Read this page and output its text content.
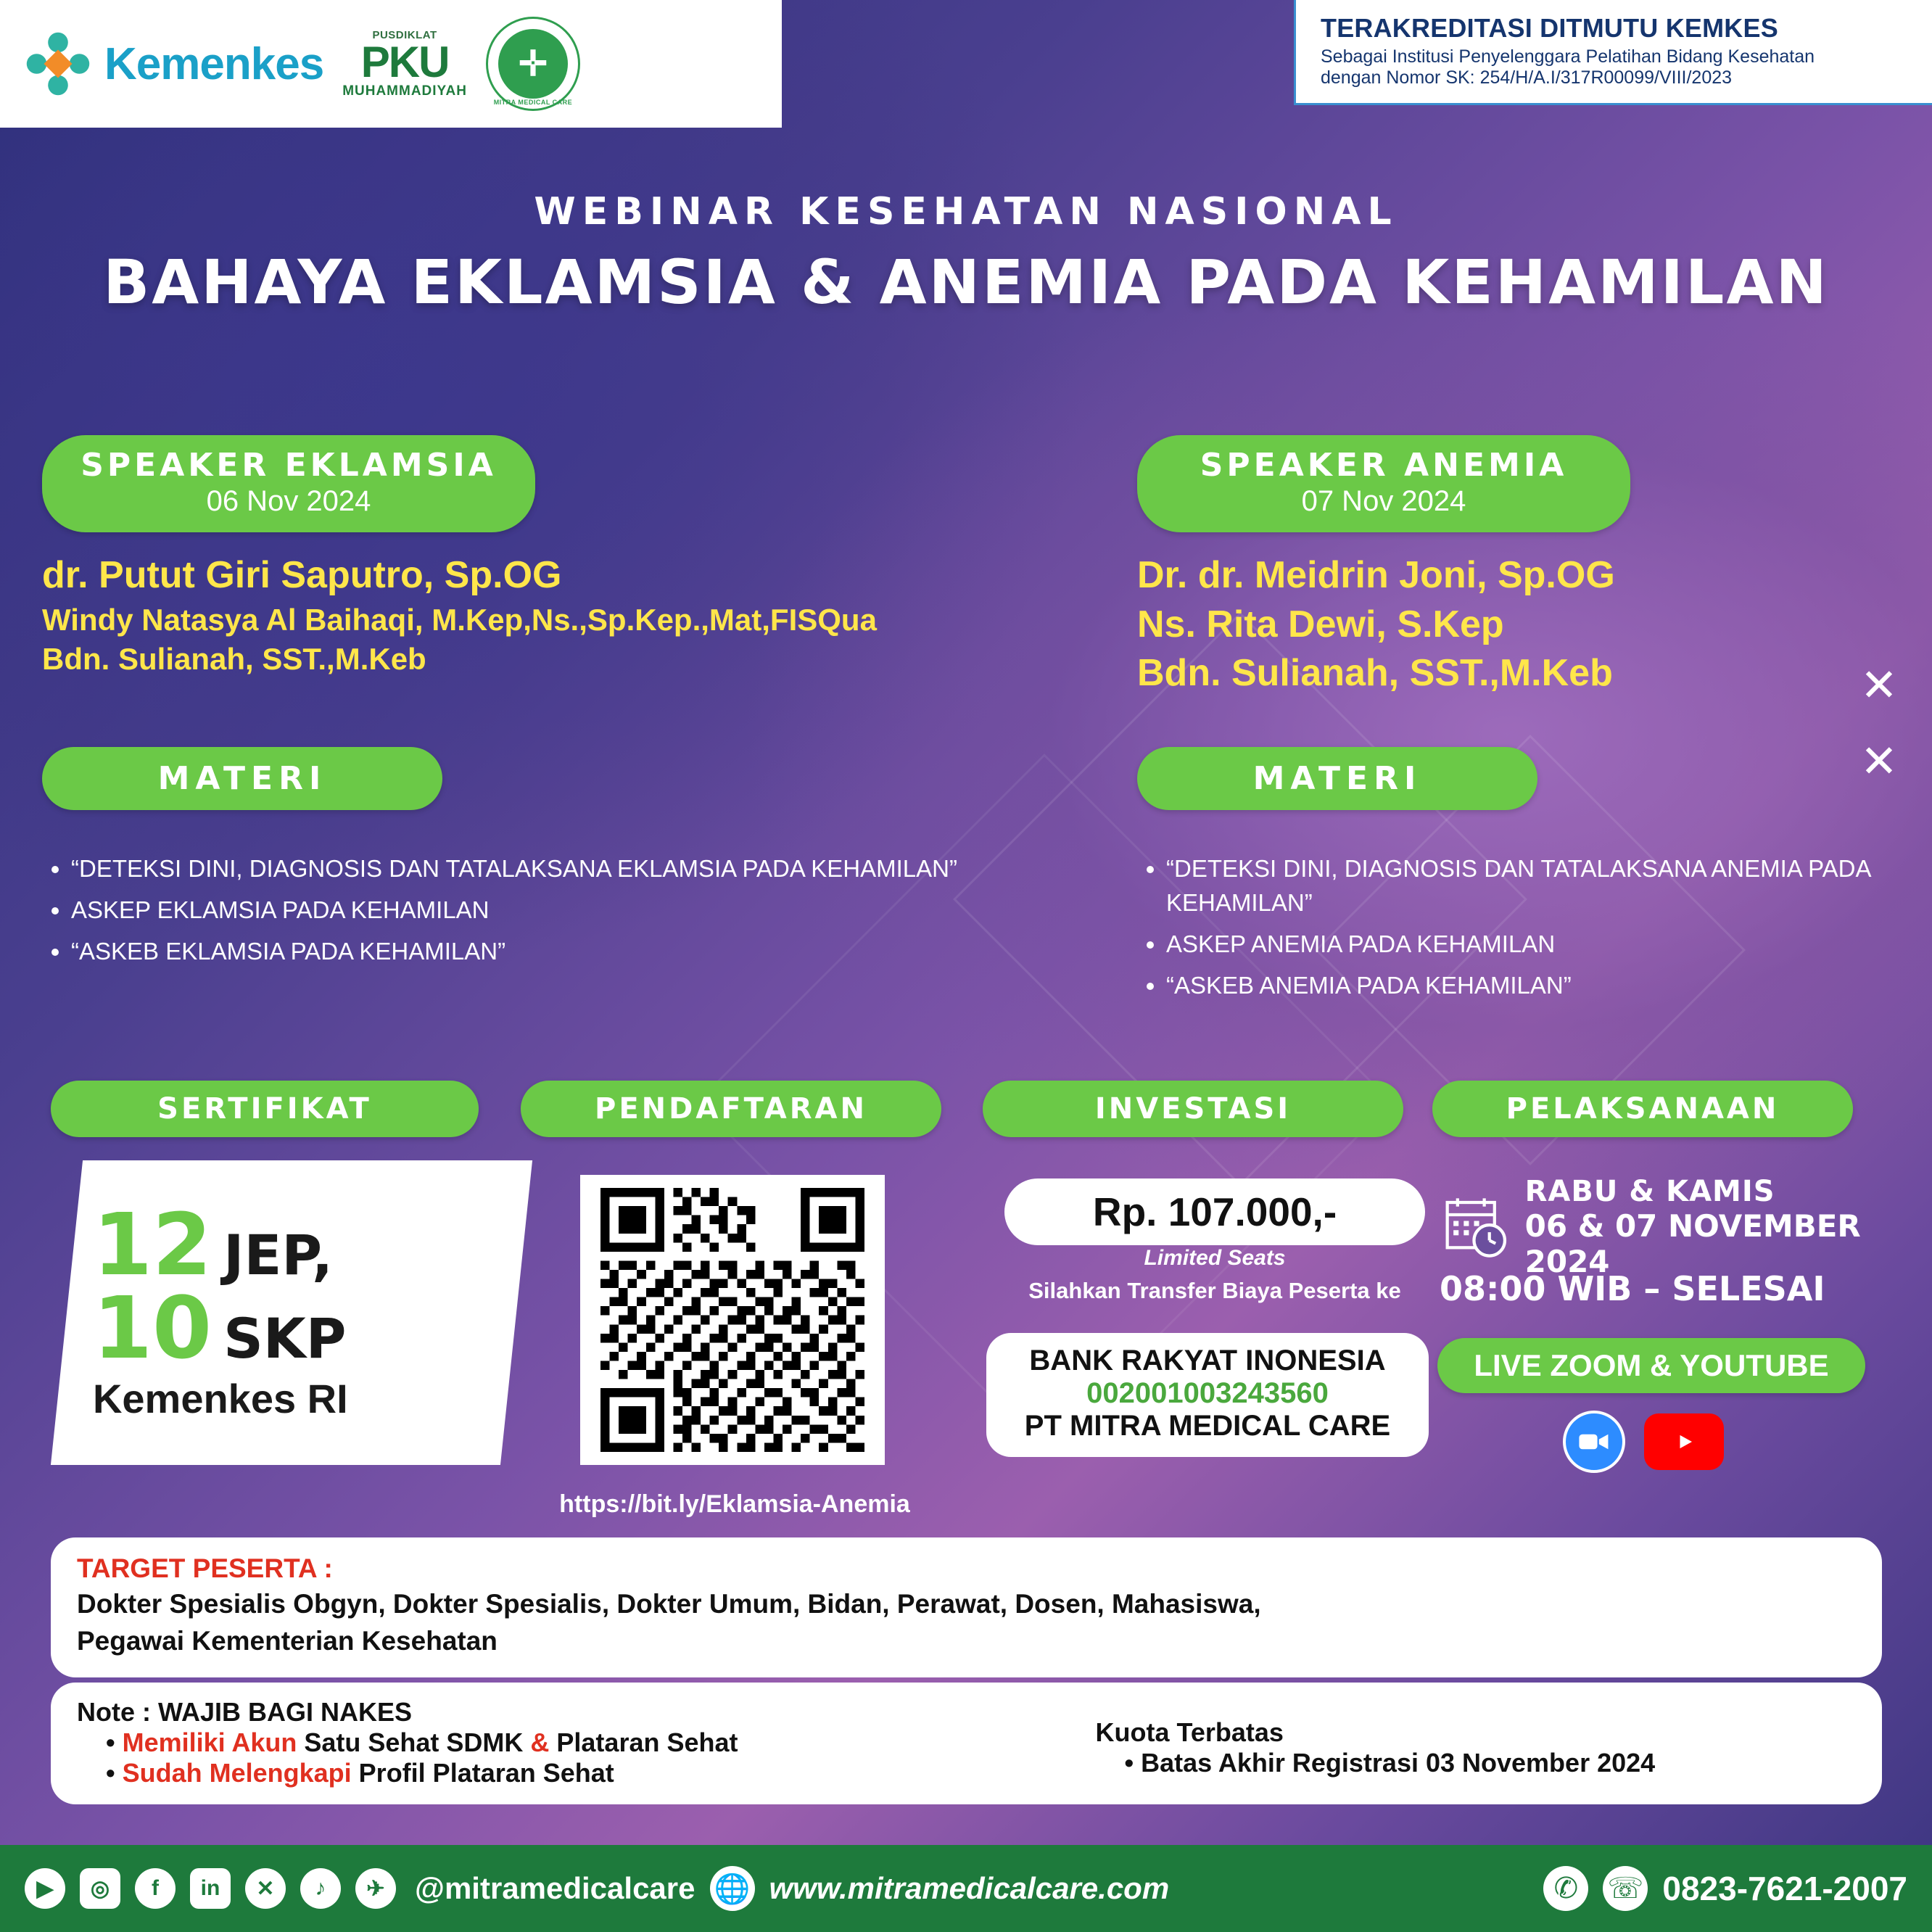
Kemenkes
PUSDIKLAT
PKU
MUHAMMADIYAH
✛
MITRA MEDICAL CARE
TERAKREDITASI DITMUTU KEMKES
Sebagai Institusi Penyelenggara Pelatihan Bidang Kesehatan
dengan Nomor SK: 254/H/A.I/317R00099/VIII/2023
WEBINAR KESEHATAN NASIONAL
BAHAYA EKLAMSIA & ANEMIA PADA KEHAMILAN
✕
✕
SPEAKER EKLAMSIA
06 Nov 2024
dr. Putut Giri Saputro, Sp.OG
Windy Natasya Al Baihaqi, M.Kep,Ns.,Sp.Kep.,Mat,FISQua
Bdn. Sulianah, SST.,M.Keb
MATERI
• “DETEKSI DINI, DIAGNOSIS DAN TATALAKSANA EKLAMSIA PADA KEHAMILAN”
• ASKEP EKLAMSIA PADA KEHAMILAN
• “ASKEB EKLAMSIA PADA KEHAMILAN”
SPEAKER ANEMIA
07 Nov 2024
Dr. dr. Meidrin Joni, Sp.OG
Ns. Rita Dewi, S.Kep
Bdn. Sulianah, SST.,M.Keb
MATERI
• “DETEKSI DINI, DIAGNOSIS DAN TATALAKSANA ANEMIA PADA KEHAMILAN”
• ASKEP ANEMIA PADA KEHAMILAN
• “ASKEB ANEMIA PADA KEHAMILAN”
SERTIFIKAT	PENDAFTARAN	INVESTASI	PELAKSANAAN
12 JEP,
10 SKP
Kemenkes RI
https://bit.ly/Eklamsia-Anemia
Rp. 107.000,-
Limited Seats
Silahkan Transfer Biaya Peserta ke
BANK RAKYAT INONESIA
002001003243560
PT MITRA MEDICAL CARE
RABU & KAMIS
06 & 07 NOVEMBER 2024
08:00 WIB – SELESAI
LIVE ZOOM & YOUTUBE
TARGET PESERTA :
Dokter Spesialis Obgyn, Dokter Spesialis, Dokter Umum, Bidan, Perawat, Dosen, Mahasiswa,
Pegawai Kementerian Kesehatan
Note : WAJIB BAGI NAKES
• Memiliki Akun Satu Sehat SDMK & Plataran Sehat
• Sudah Melengkapi Profil Plataran Sehat
Kuota Terbatas
• Batas Akhir Registrasi 03 November 2024
▶	◎	f	in	✕	♪	✈ @mitramedicalcare 🌐 www.mitramedicalcare.com	✆	☏ 0823-7621-2007
